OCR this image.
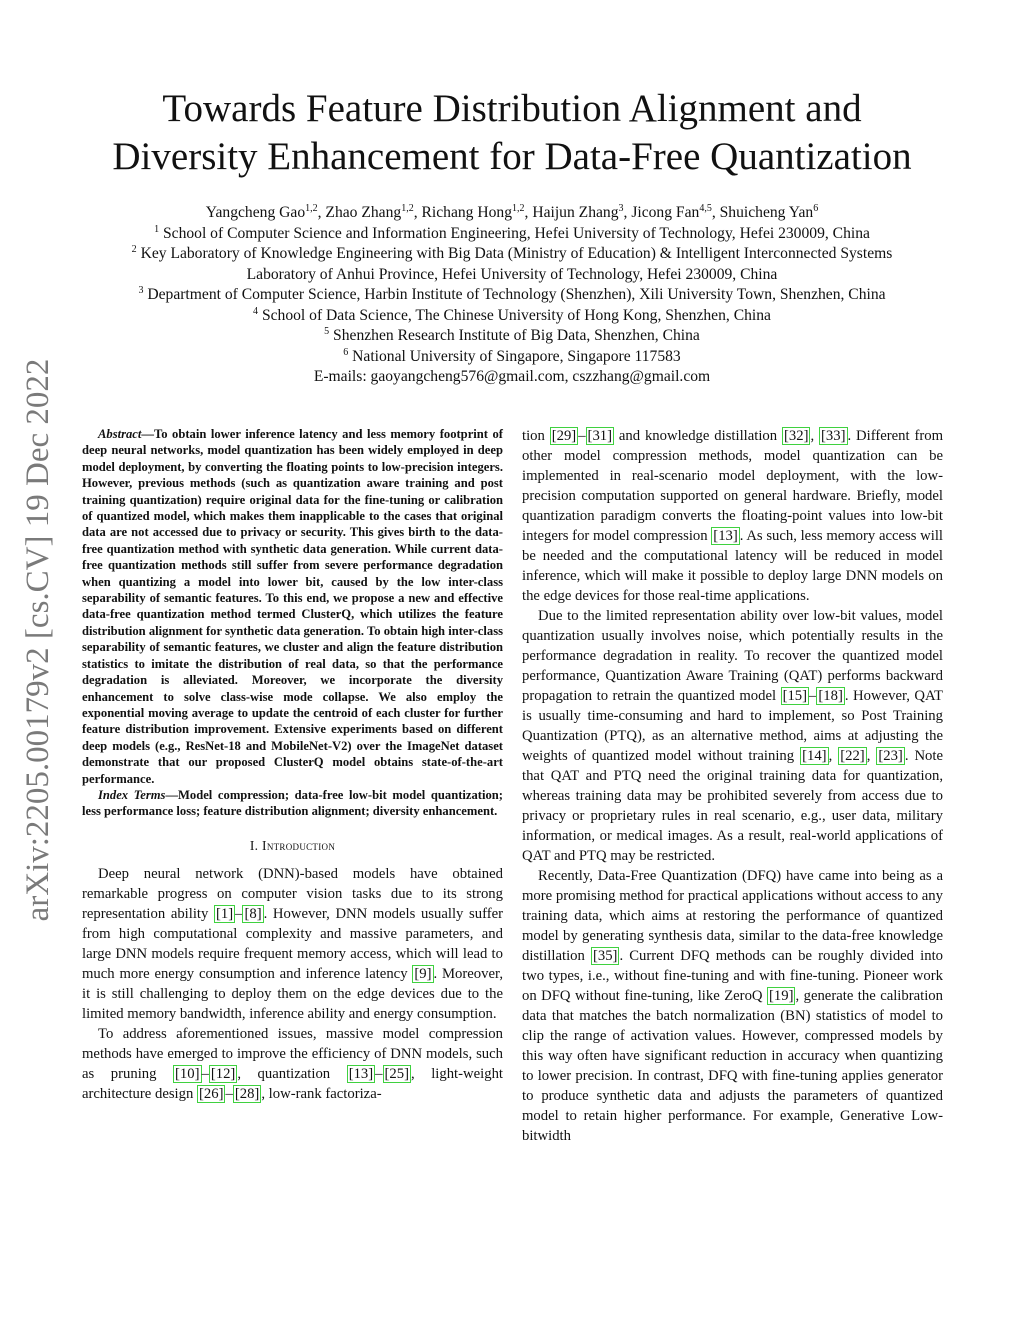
arXiv:2205.00179v2 [cs.CV] 19 Dec 2022
Towards Feature Distribution Alignment and
Diversity Enhancement for Data-Free Quantization
Yangcheng Gao$^{1,2}$, Zhao Zhang$^{1,2}$, Richang Hong$^{1,2}$, Haijun Zhang$^3$, Jicong Fan$^{4,5}$, Shuicheng Yan$^6$
$^1$ School of Computer Science and Information Engineering, Hefei University of Technology, Hefei 230009, China
$^2$ Key Laboratory of Knowledge Engineering with Big Data (Ministry of Education) & Intelligent Interconnected Systems
Laboratory of Anhui Province, Hefei University of Technology, Hefei 230009, China
$^3$ Department of Computer Science, Harbin Institute of Technology (Shenzhen), Xili University Town, Shenzhen, China
$^4$ School of Data Science, The Chinese University of Hong Kong, Shenzhen, China
$^5$ Shenzhen Research Institute of Big Data, Shenzhen, China
$^6$ National University of Singapore, Singapore 117583
E-mails: gaoyangcheng576@gmail.com, cszzhang@gmail.com

Abstract—To obtain lower inference latency and less memory footprint of deep neural networks, model quantization has been widely employed in deep model deployment, by converting the floating points to low-precision integers. However, previous methods (such as quantization aware training and post training quantization) require original data for the fine-tuning or calibration of quantized model, which makes them inapplicable to the cases that original data are not accessed due to privacy or security. This gives birth to the data-free quantization method with synthetic data generation. While current data-free quantization methods still suffer from severe performance degradation when quantizing a model into lower bit, caused by the low inter-class separability of semantic features. To this end, we propose a new and effective data-free quantization method termed ClusterQ, which utilizes the feature distribution alignment for synthetic data generation. To obtain high inter-class separability of semantic features, we cluster and align the feature distribution statistics to imitate the distribution of real data, so that the performance degradation is alleviated. Moreover, we incorporate the diversity enhancement to solve class-wise mode collapse. We also employ the exponential moving average to update the centroid of each cluster for further feature distribution improvement. Extensive experiments based on different deep models (e.g., ResNet-18 and MobileNet-V2) over the ImageNet dataset demonstrate that our proposed ClusterQ model obtains state-of-the-art performance.

Index Terms—Model compression; data-free low-bit model quantization; less performance loss; feature distribution alignment; diversity enhancement.

I. Introduction

Deep neural network (DNN)-based models have obtained remarkable progress on computer vision tasks due to its strong representation ability [1] – [8] . However, DNN models usually suffer from high computational complexity and massive parameters, and large DNN models require frequent memory access, which will lead to much more energy consumption and inference latency [9] . Moreover, it is still challenging to deploy them on the edge devices due to the limited memory bandwidth, inference ability and energy consumption.

To address aforementioned issues, massive model compression methods have emerged to improve the efficiency of DNN models, such as pruning [10] – [12] , quantization [13] – [25] , light-weight architecture design [26] – [28] , low-rank factoriza-

tion [29] – [31] and knowledge distillation [32] , [33] . Different from other model compression methods, model quantization can be implemented in real-scenario model deployment, with the low-precision computation supported on general hardware. Briefly, model quantization paradigm converts the floating-point values into low-bit integers for model compression [13] . As such, less memory access will be needed and the computational latency will be reduced in model inference, which will make it possible to deploy large DNN models on the edge devices for those real-time applications.

Due to the limited representation ability over low-bit values, model quantization usually involves noise, which potentially results in the performance degradation in reality. To recover the quantized model performance, Quantization Aware Training (QAT) performs backward propagation to retrain the quantized model [15] – [18] . However, QAT is usually time-consuming and hard to implement, so Post Training Quantization (PTQ), as an alternative method, aims at adjusting the weights of quantized model without training [14] , [22] , [23] . Note that QAT and PTQ need the original training data for quantization, whereas training data may be prohibited severely from access due to privacy or proprietary rules in real scenario, e.g., user data, military information, or medical images. As a result, real-world applications of QAT and PTQ may be restricted.

Recently, Data-Free Quantization (DFQ) have came into being as a more promising method for practical applications without access to any training data, which aims at restoring the performance of quantized model by generating synthesis data, similar to the data-free knowledge distillation [35] . Current DFQ methods can be roughly divided into two types, i.e., without fine-tuning and with fine-tuning. Pioneer work on DFQ without fine-tuning, like ZeroQ [19] , generate the calibration data that matches the batch normalization (BN) statistics of model to clip the range of activation values. However, compressed models by this way often have significant reduction in accuracy when quantizing to lower precision. In contrast, DFQ with fine-tuning applies generator to produce synthetic data and adjusts the parameters of quantized model to retain higher performance. For example, Generative Low-bitwidth
